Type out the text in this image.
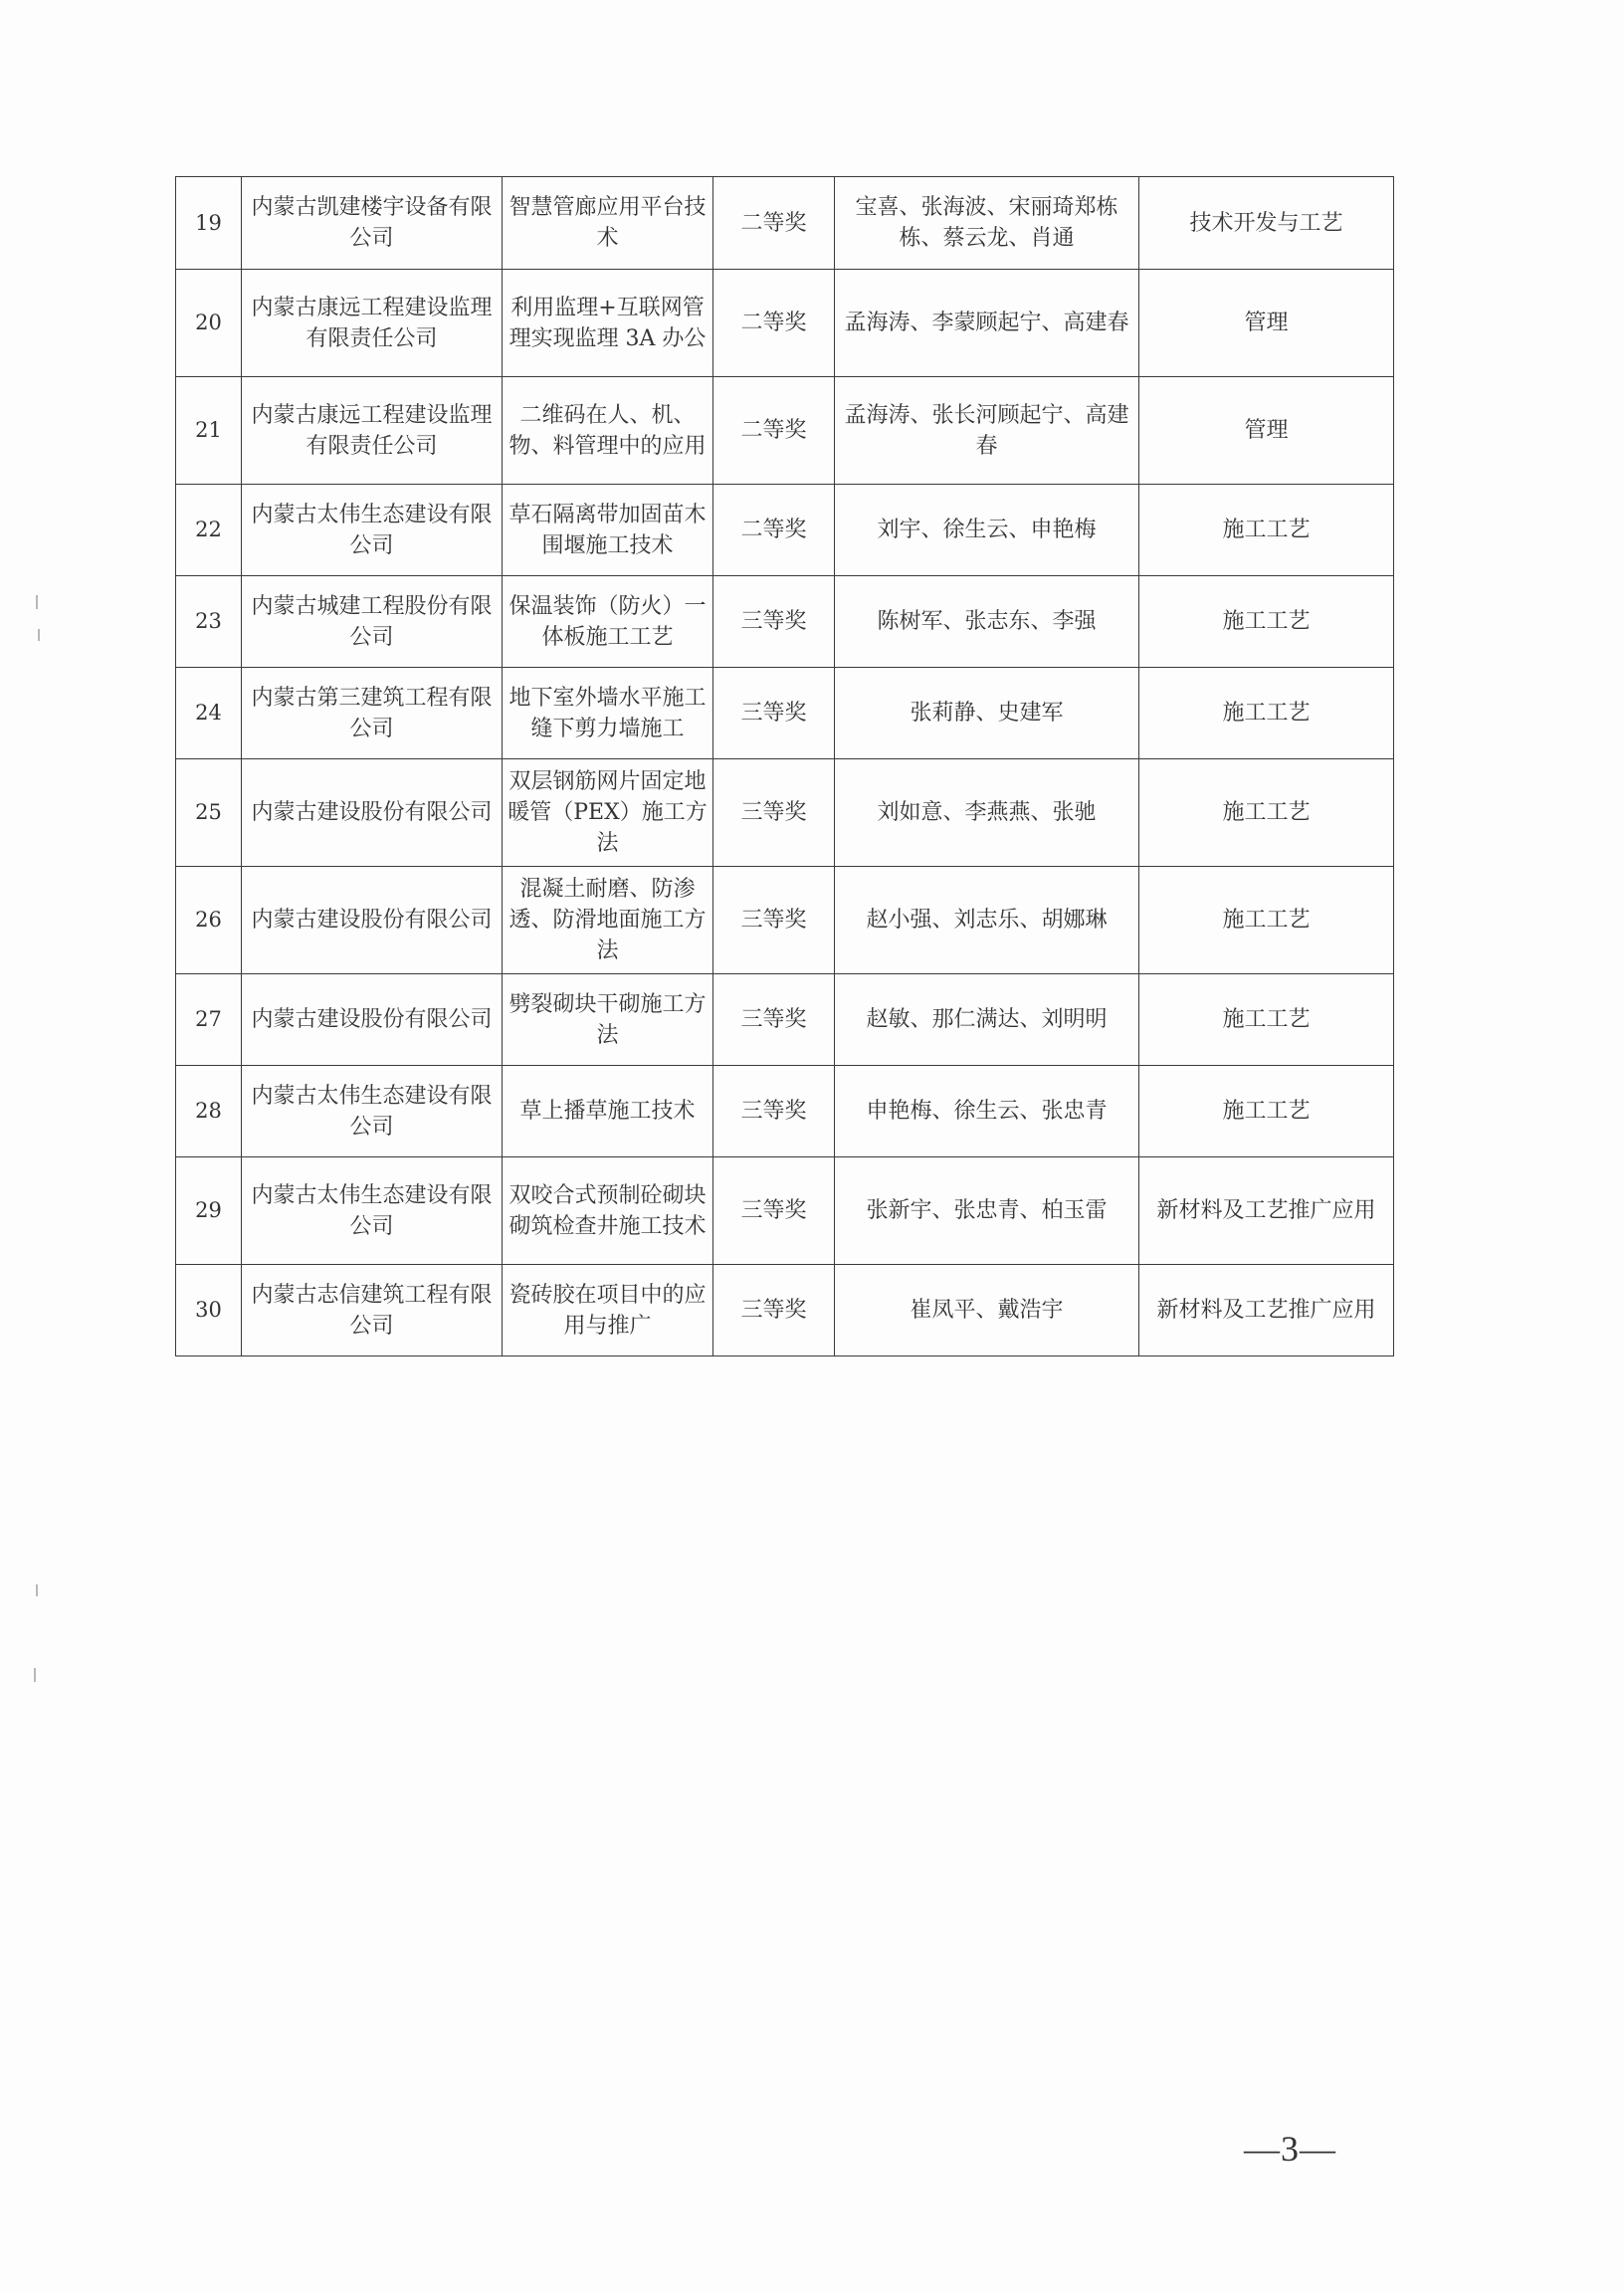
19	内蒙古凯建楼宇设备有限公司	智慧管廊应用平台技术	二等奖	宝喜、张海波、宋丽琦郑栋栋、蔡云龙、肖通	技术开发与工艺
20	内蒙古康远工程建设监理有限责任公司	利用监理+互联网管理实现监理 3A 办公	二等奖	孟海涛、李蒙顾起宁、高建春	管理
21	内蒙古康远工程建设监理有限责任公司	二维码在人、机、物、料管理中的应用	二等奖	孟海涛、张长河顾起宁、高建春	管理
22	内蒙古太伟生态建设有限公司	草石隔离带加固苗木围堰施工技术	二等奖	刘宇、徐生云、申艳梅	施工工艺
23	内蒙古城建工程股份有限公司	保温装饰（防火）一体板施工工艺	三等奖	陈树军、张志东、李强	施工工艺
24	内蒙古第三建筑工程有限公司	地下室外墙水平施工缝下剪力墙施工	三等奖	张莉静、史建军	施工工艺
25	内蒙古建设股份有限公司	双层钢筋网片固定地暖管（PEX）施工方法	三等奖	刘如意、李燕燕、张驰	施工工艺
26	内蒙古建设股份有限公司	混凝土耐磨、防渗透、防滑地面施工方法	三等奖	赵小强、刘志乐、胡娜琳	施工工艺
27	内蒙古建设股份有限公司	劈裂砌块干砌施工方法	三等奖	赵敏、那仁满达、刘明明	施工工艺
28	内蒙古太伟生态建设有限公司	草上播草施工技术	三等奖	申艳梅、徐生云、张忠青	施工工艺
29	内蒙古太伟生态建设有限公司	双咬合式预制砼砌块砌筑检查井施工技术	三等奖	张新宇、张忠青、柏玉雷	新材料及工艺推广应用
30	内蒙古志信建筑工程有限公司	瓷砖胶在项目中的应用与推广	三等奖	崔凤平、戴浩宇	新材料及工艺推广应用
—3—
